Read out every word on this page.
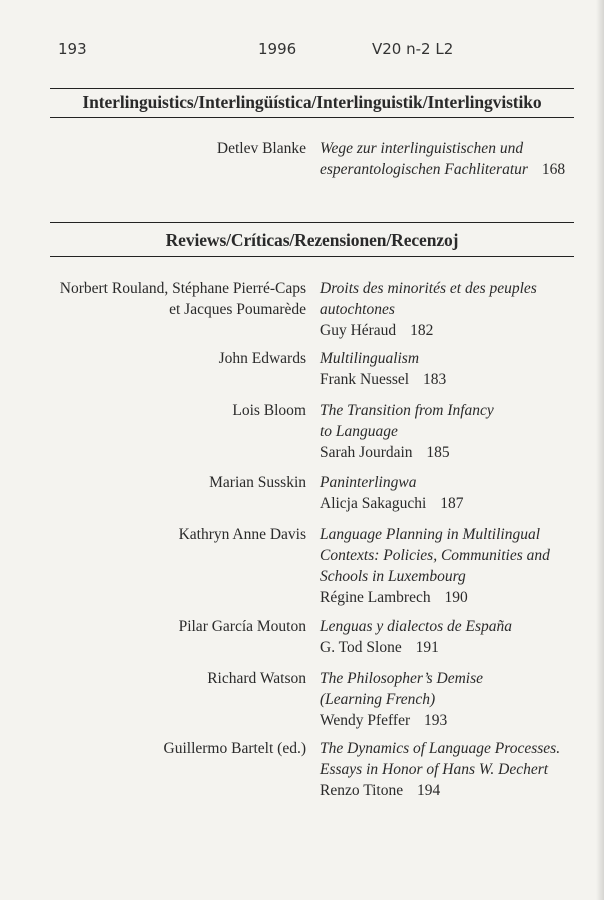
193	1996	V20 n-2 L2
Interlinguistics/Interlingüística/Interlinguistik/Interlingvistiko
Detlev Blanke Wege zur interlinguistischen und
esperantologischen Fachliteratur 168
Reviews/Críticas/Rezensionen/Recenzoj
Norbert Rouland, Stéphane Pierré-Caps
et Jacques Poumarède
Droits des minorités et des peuples
autochtones
Guy Héraud 182
John Edwards Multilingualism
Frank Nuessel 183
Lois Bloom The Transition from Infancy
to Language
Sarah Jourdain 185
Marian Susskin Paninterlingwa
Alicja Sakaguchi 187
Kathryn Anne Davis Language Planning in Multilingual
Contexts: Policies, Communities and
Schools in Luxembourg
Régine Lambrech 190
Pilar García Mouton Lenguas y dialectos de España
G. Tod Slone 191
Richard Watson The Philosopher’s Demise
(Learning French)
Wendy Pfeffer 193
Guillermo Bartelt (ed.) The Dynamics of Language Processes.
Essays in Honor of Hans W. Dechert
Renzo Titone 194
